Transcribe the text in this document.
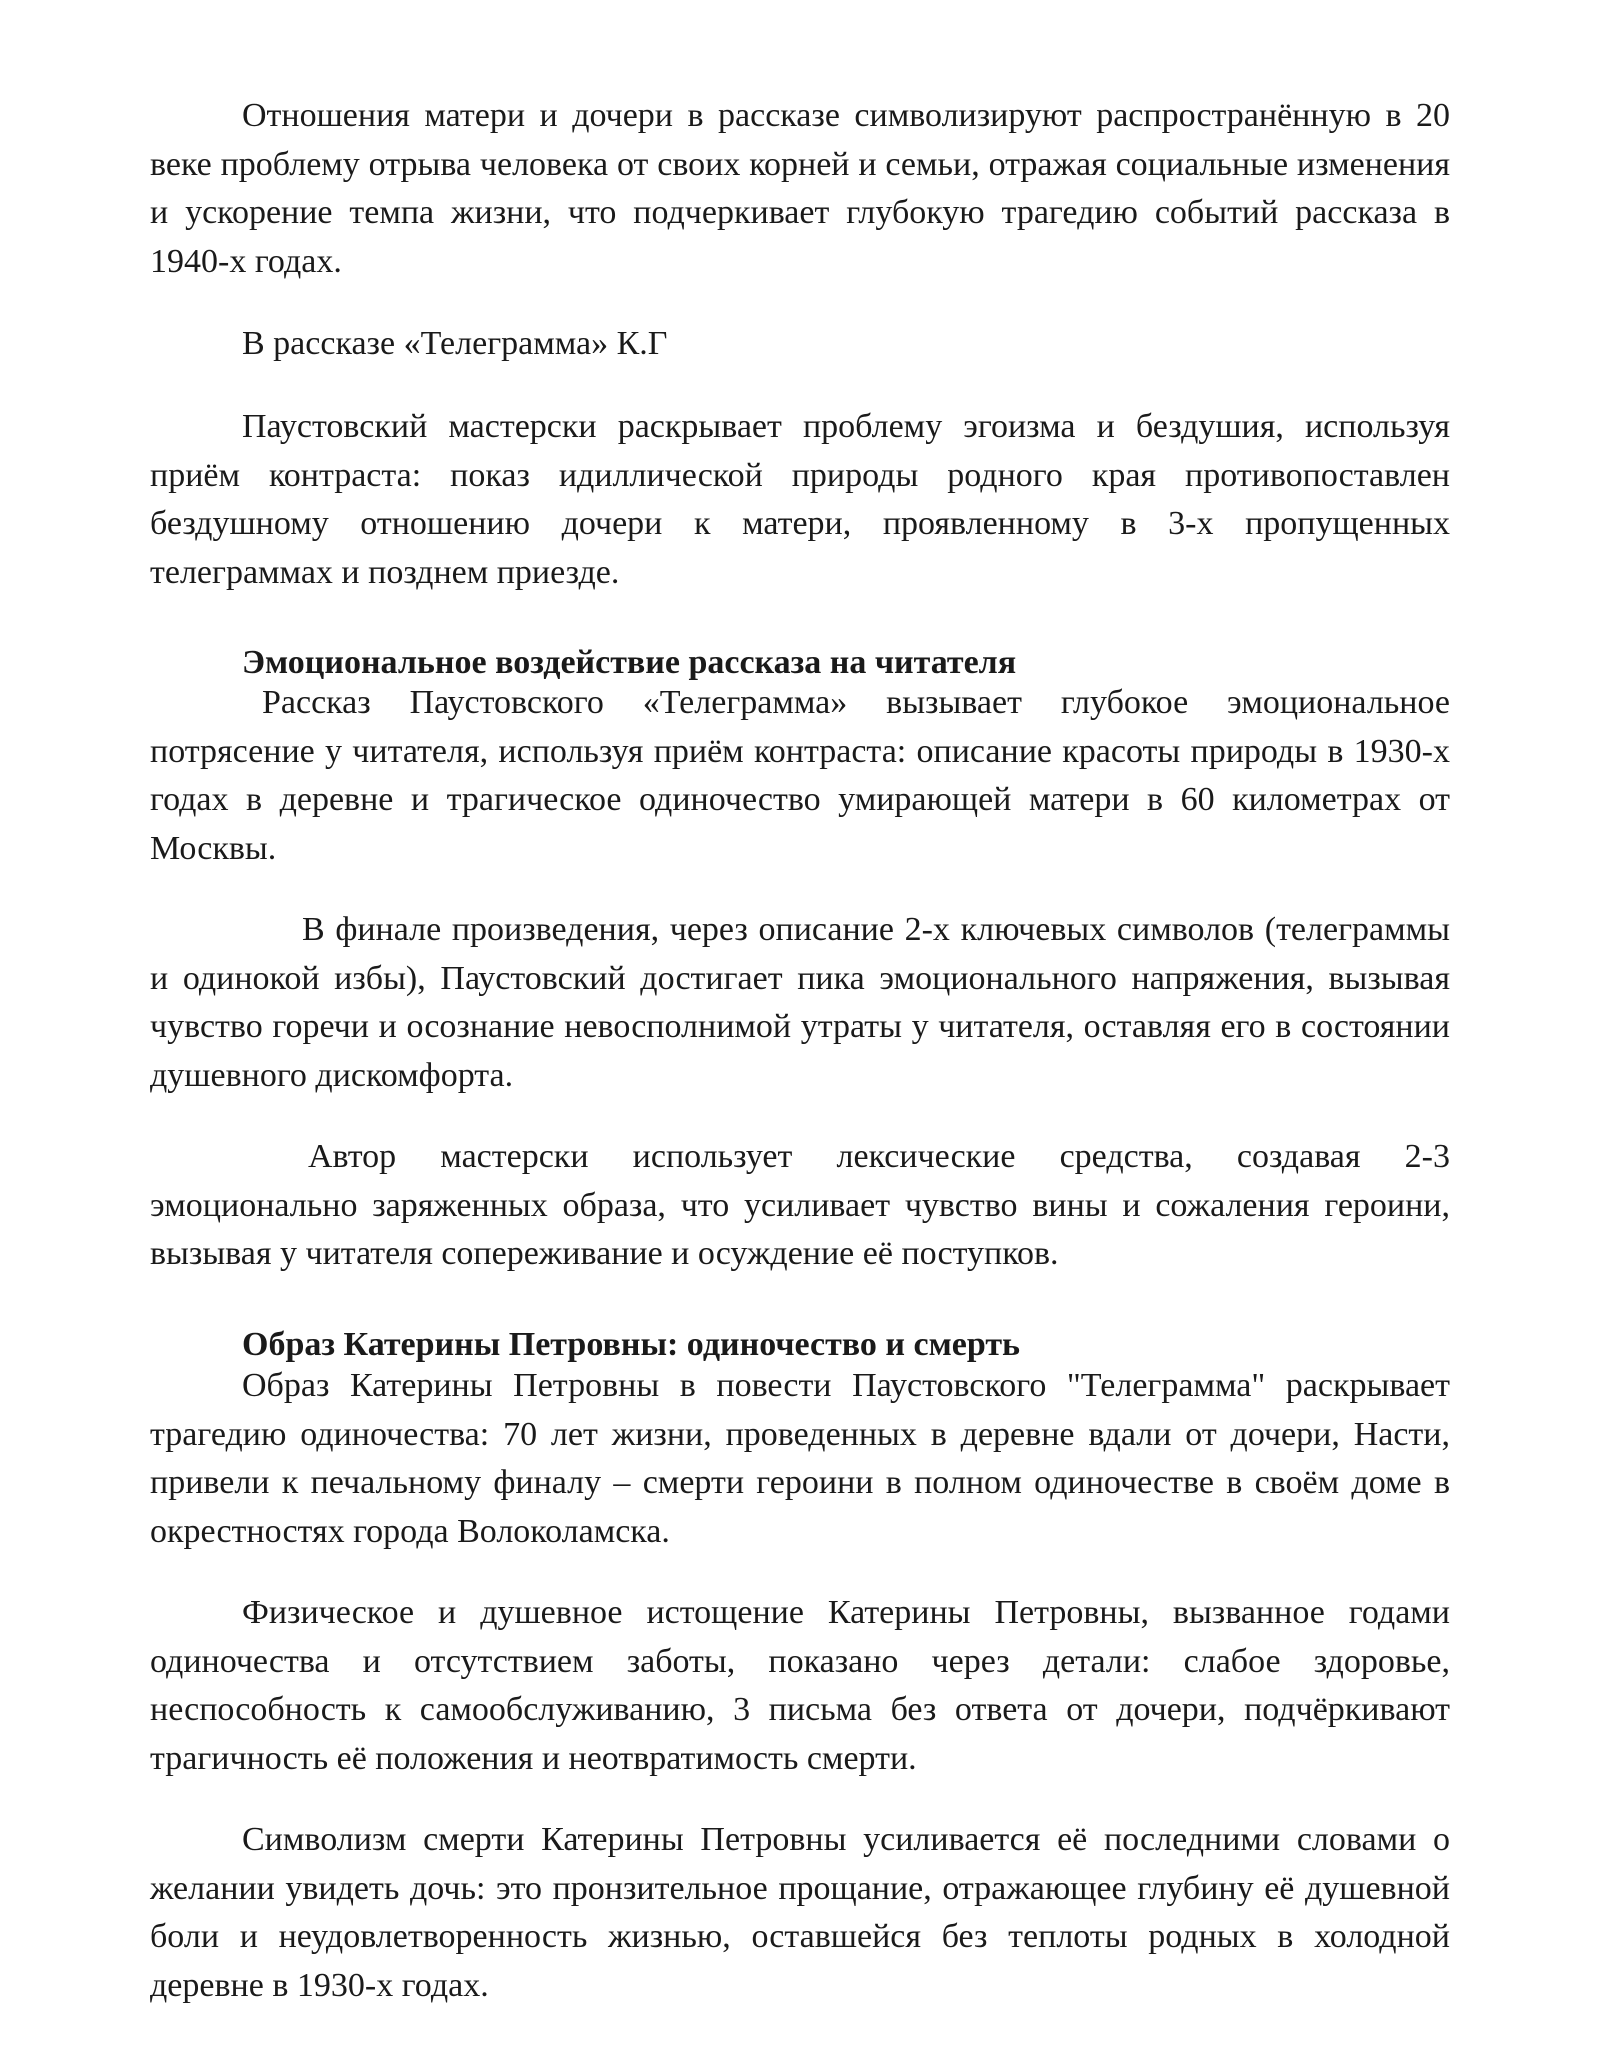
Отношения матери и дочери в рассказе символизируют распространённую в 20 веке проблему отрыва человека от своих корней и семьи, отражая социальные изменения и ускорение темпа жизни, что подчеркивает глубокую трагедию событий рассказа в 1940-х годах.

В рассказе «Телеграмма» К.Г

Паустовский мастерски раскрывает проблему эгоизма и бездушия, используя приём контраста: показ идиллической природы родного края противопоставлен бездушному отношению дочери к матери, проявленному в 3-х пропущенных телеграммах и позднем приезде.

Эмоциональное воздействие рассказа на читателя

Рассказ Паустовского «Телеграмма» вызывает глубокое эмоциональное потрясение у читателя, используя приём контраста: описание красоты природы в 1930-х годах в деревне и трагическое одиночество умирающей матери в 60 километрах от Москвы.

В финале произведения, через описание 2-х ключевых символов (телеграммы и одинокой избы), Паустовский достигает пика эмоционального напряжения, вызывая чувство горечи и осознание невосполнимой утраты у читателя, оставляя его в состоянии душевного дискомфорта.

Автор мастерски использует лексические средства, создавая 2-3 эмоционально заряженных образа, что усиливает чувство вины и сожаления героини, вызывая у читателя сопереживание и осуждение её поступков.

Образ Катерины Петровны: одиночество и смерть

Образ Катерины Петровны в повести Паустовского "Телеграмма" раскрывает трагедию одиночества: 70 лет жизни, проведенных в деревне вдали от дочери, Насти, привели к печальному финалу – смерти героини в полном одиночестве в своём доме в окрестностях города Волоколамска.

Физическое и душевное истощение Катерины Петровны, вызванное годами одиночества и отсутствием заботы, показано через детали: слабое здоровье, неспособность к самообслуживанию, 3 письма без ответа от дочери, подчёркивают трагичность её положения и неотвратимость смерти.

Символизм смерти Катерины Петровны усиливается её последними словами о желании увидеть дочь: это пронзительное прощание, отражающее глубину её душевной боли и неудовлетворенность жизнью, оставшейся без теплоты родных в холодной деревне в 1930-х годах.
